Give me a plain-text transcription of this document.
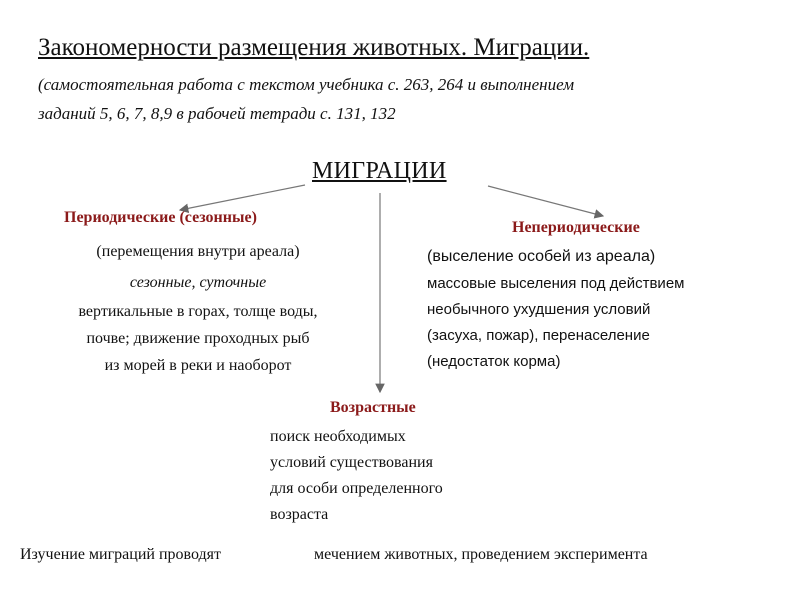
Закономерности размещения животных. Миграции.
(самостоятельная работа с текстом учебника с. 263, 264 и выполнением
заданий 5, 6, 7, 8,9 в рабочей тетради с. 131, 132
МИГРАЦИИ
Периодические (сезонные)
(перемещения внутри ареала)
сезонные, суточные
вертикальные в горах, толще воды,
почве; движение проходных рыб
из морей в реки и наоборот
Непериодические
(выселение особей из ареала)
массовые выселения под действием
необычного ухудшения условий
(засуха, пожар), перенаселение
(недостаток корма)
Возрастные
поиск необходимых
условий существования
для особи определенного
возраста
Изучение миграций проводят	мечением животных, проведением эксперимента
